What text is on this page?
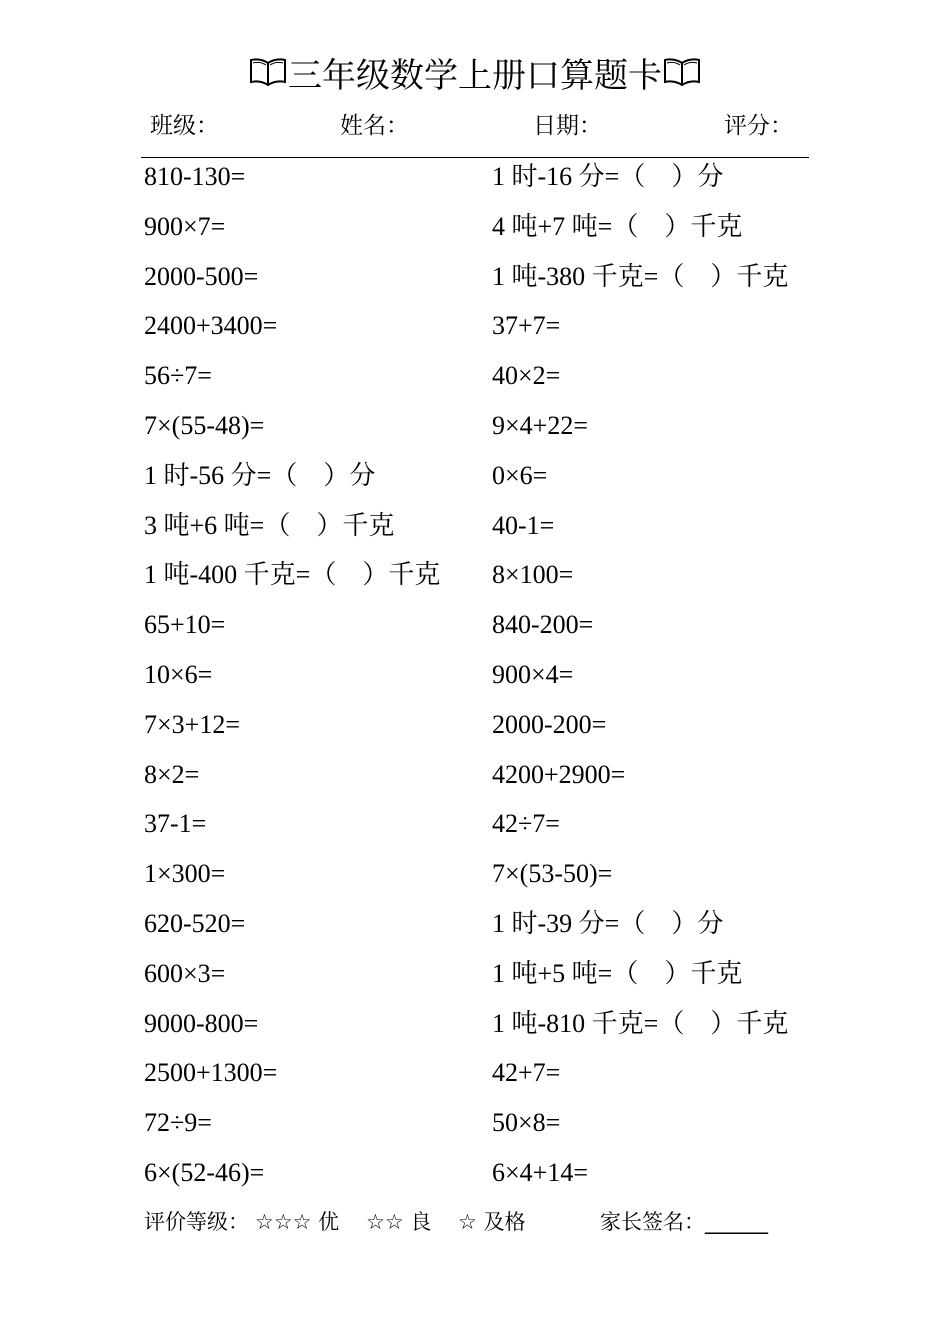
三年级数学上册口算题卡
班级：	姓名：	日期：	评分：
810-130=
900×7=
2000-500=
2400+3400=
56÷7=
7×(55-48)=
1 时-56 分=（    ）分
3 吨+6 吨=（    ）千克
1 吨-400 千克=（    ）千克
65+10=
10×6=
7×3+12=
8×2=
37-1=
1×300=
620-520=
600×3=
9000-800=
2500+1300=
72÷9=
6×(52-46)=
1 时-16 分=（    ）分
4 吨+7 吨=（    ）千克
1 吨-380 千克=（    ）千克
37+7=
40×2=
9×4+22=
0×6=
40-1=
8×100=
840-200=
900×4=
2000-200=
4200+2900=
42÷7=
7×(53-50)=
1 时-39 分=（    ）分
1 吨+5 吨=（    ）千克
1 吨-810 千克=（    ）千克
42+7=
50×8=
6×4+14=
评价等级： ☆☆☆ 优 ☆☆ 良 ☆ 及格	家长签名：______
